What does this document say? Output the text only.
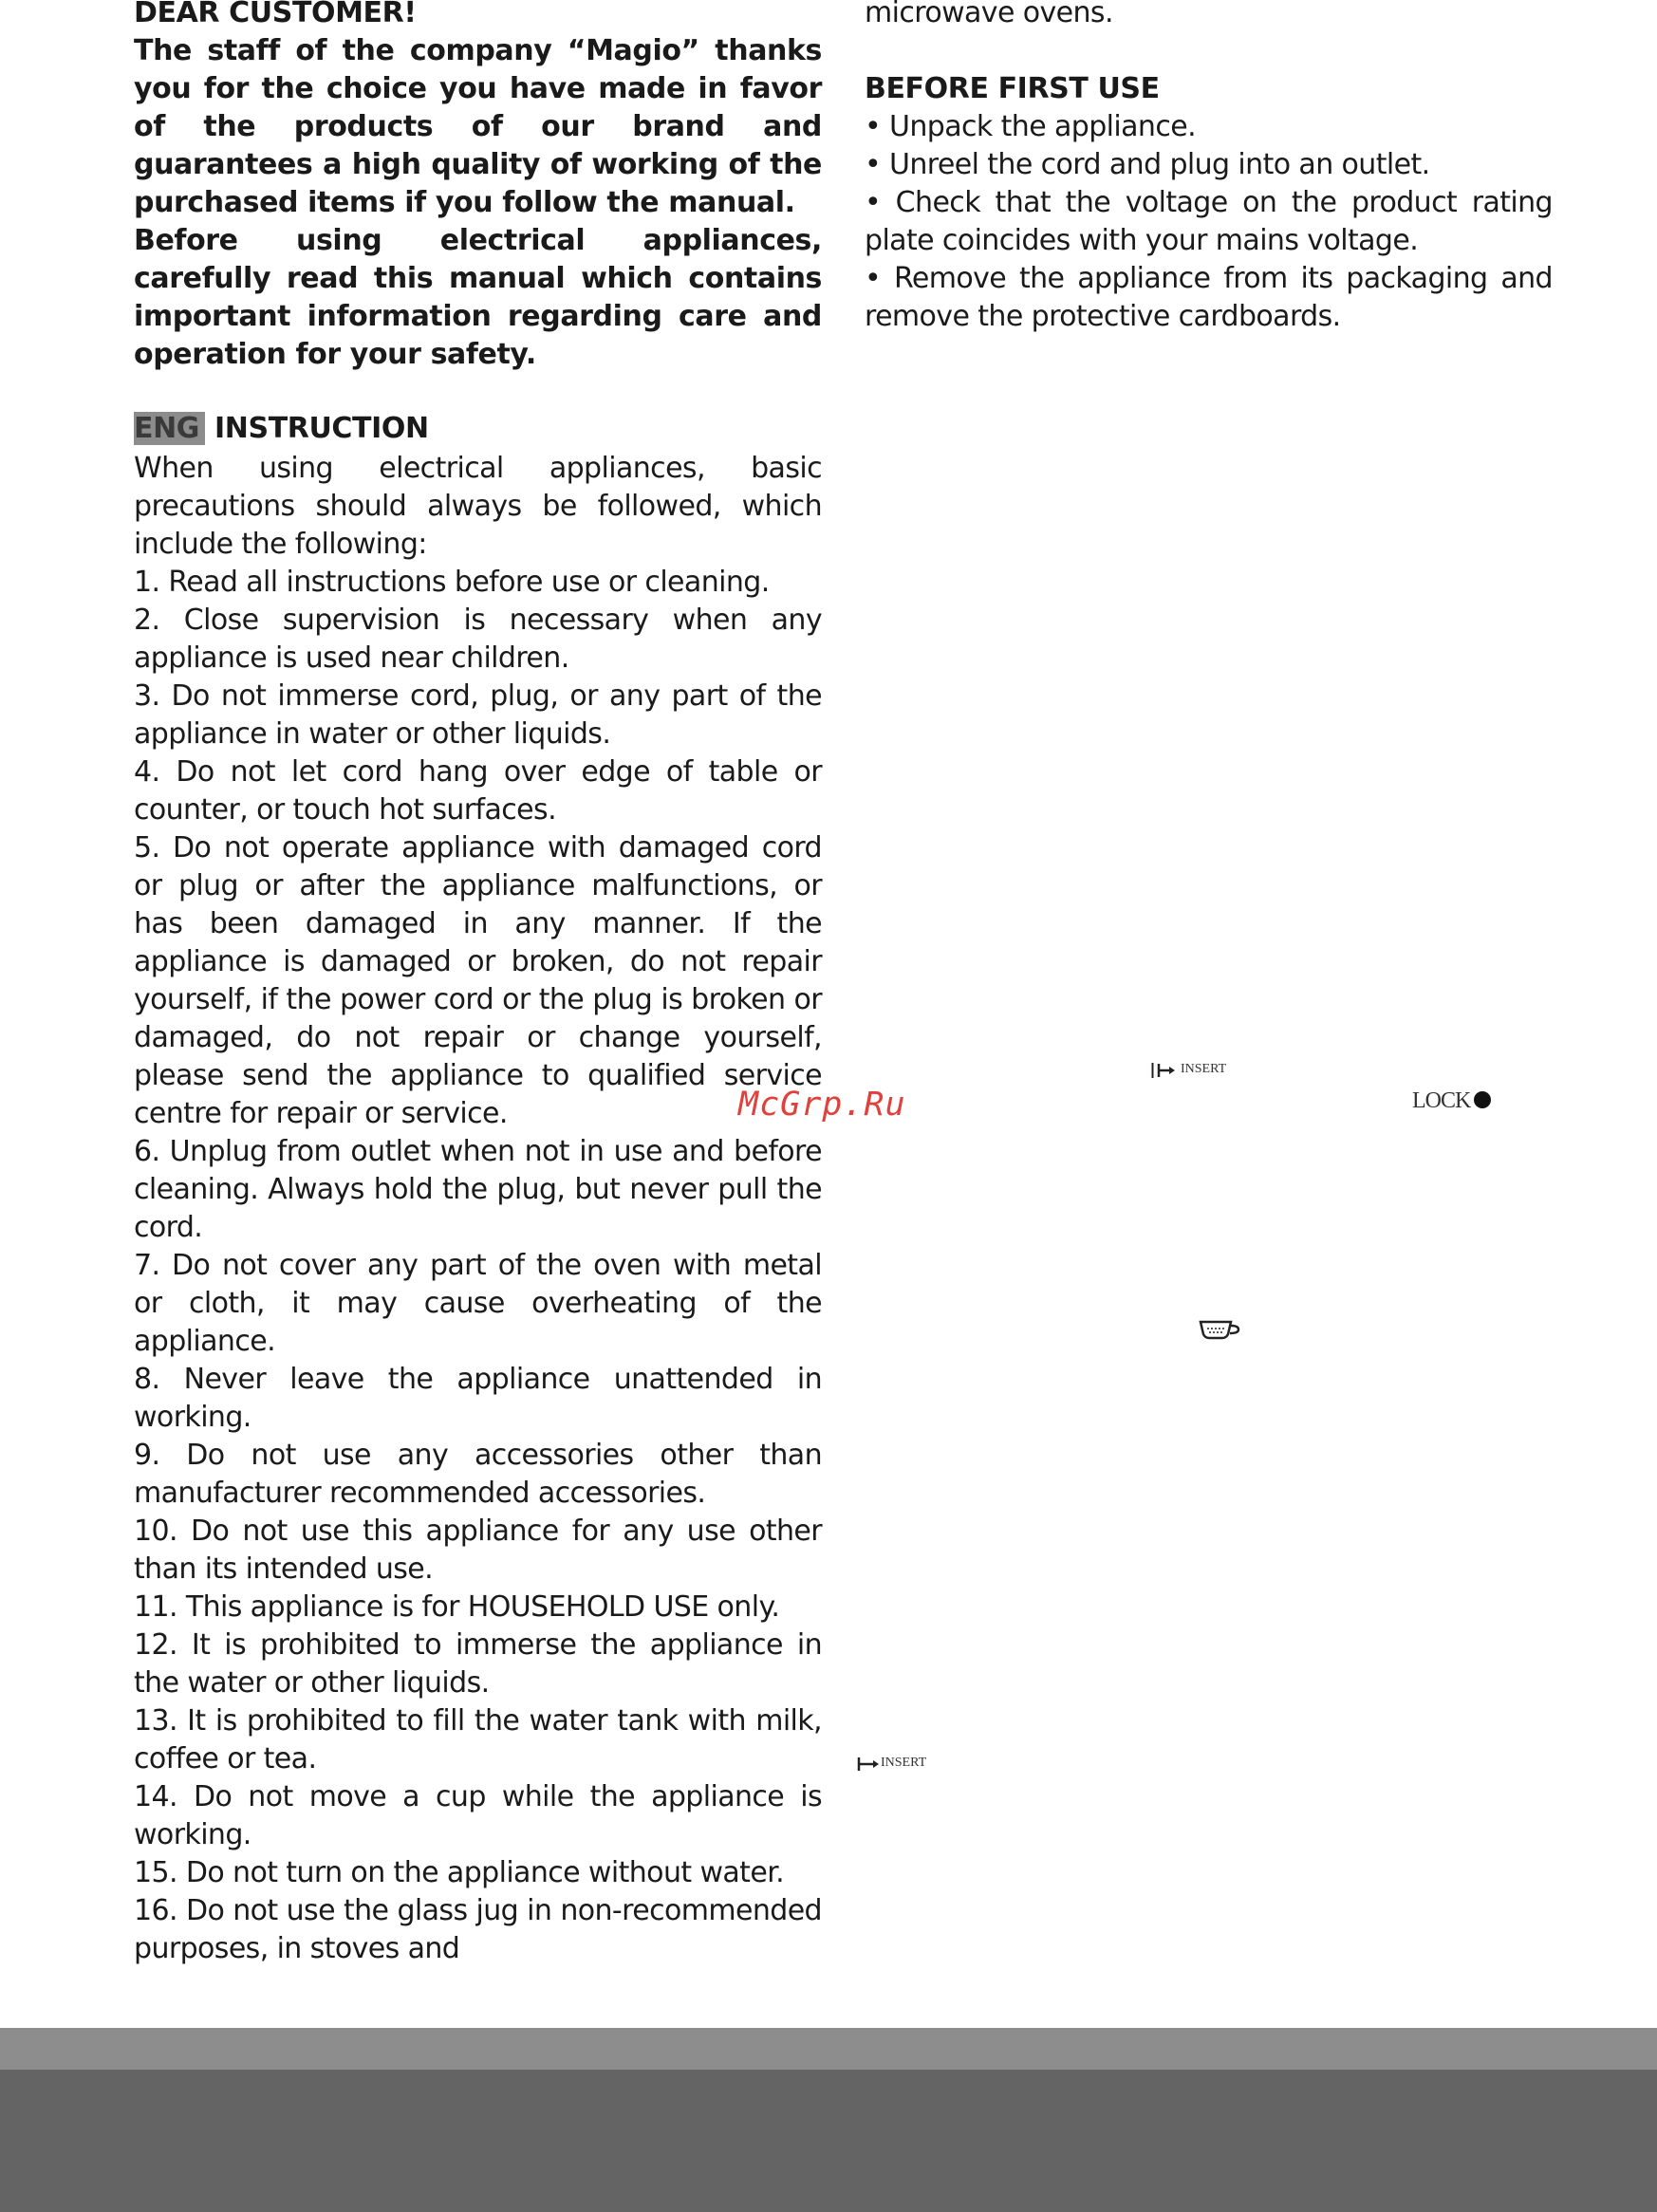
DEAR CUSTOMER!

The staff of the company “Magio” thanks you for the choice you have made in favor of the products of our brand and guarantees a high quality of working of the purchased items if you follow the manual.

Before using electrical appliances, carefully read this manual which contains important information regarding care and operation for your safety.

ENG INSTRUCTION

When using electrical appliances, basic precautions should always be followed, which include the following:

1. Read all instructions before use or cleaning.

2. Close supervision is necessary when any appliance is used near children.

3. Do not immerse cord, plug, or any part of the appliance in water or other liquids.

4. Do not let cord hang over edge of table or counter, or touch hot surfaces.

5. Do not operate appliance with damaged cord or plug or after the appliance malfunctions, or has been damaged in any manner. If the appliance is damaged or broken, do not repair yourself, if the power cord or the plug is broken or damaged, do not repair or change yourself, please send the appliance to qualified service centre for repair or service.

6. Unplug from outlet when not in use and before cleaning. Always hold the plug, but never pull the cord.

7. Do not cover any part of the oven with metal or cloth, it may cause overheating of the appliance.

8. Never leave the appliance unattended in working.

9. Do not use any accessories other than manufacturer recommended accessories.

10. Do not use this appliance for any use other than its intended use.

11. This appliance is for HOUSEHOLD USE only.

12. It is prohibited to immerse the appliance in the water or other liquids.

13. It is prohibited to fill the water tank with milk, coffee or tea.

14. Do not move a cup while the appliance is working.

15. Do not turn on the appliance without water.

16. Do not use the glass jug in non-recommended purposes, in stoves and

microwave ovens.

BEFORE FIRST USE

• Unpack the appliance.

• Unreel the cord and plug into an outlet.

• Check that the voltage on the product rating plate coincides with your mains voltage.

• Remove the appliance from its packaging and remove the protective cardboards.

INSERT
LOCK
INSERT
McGrp.Ru
